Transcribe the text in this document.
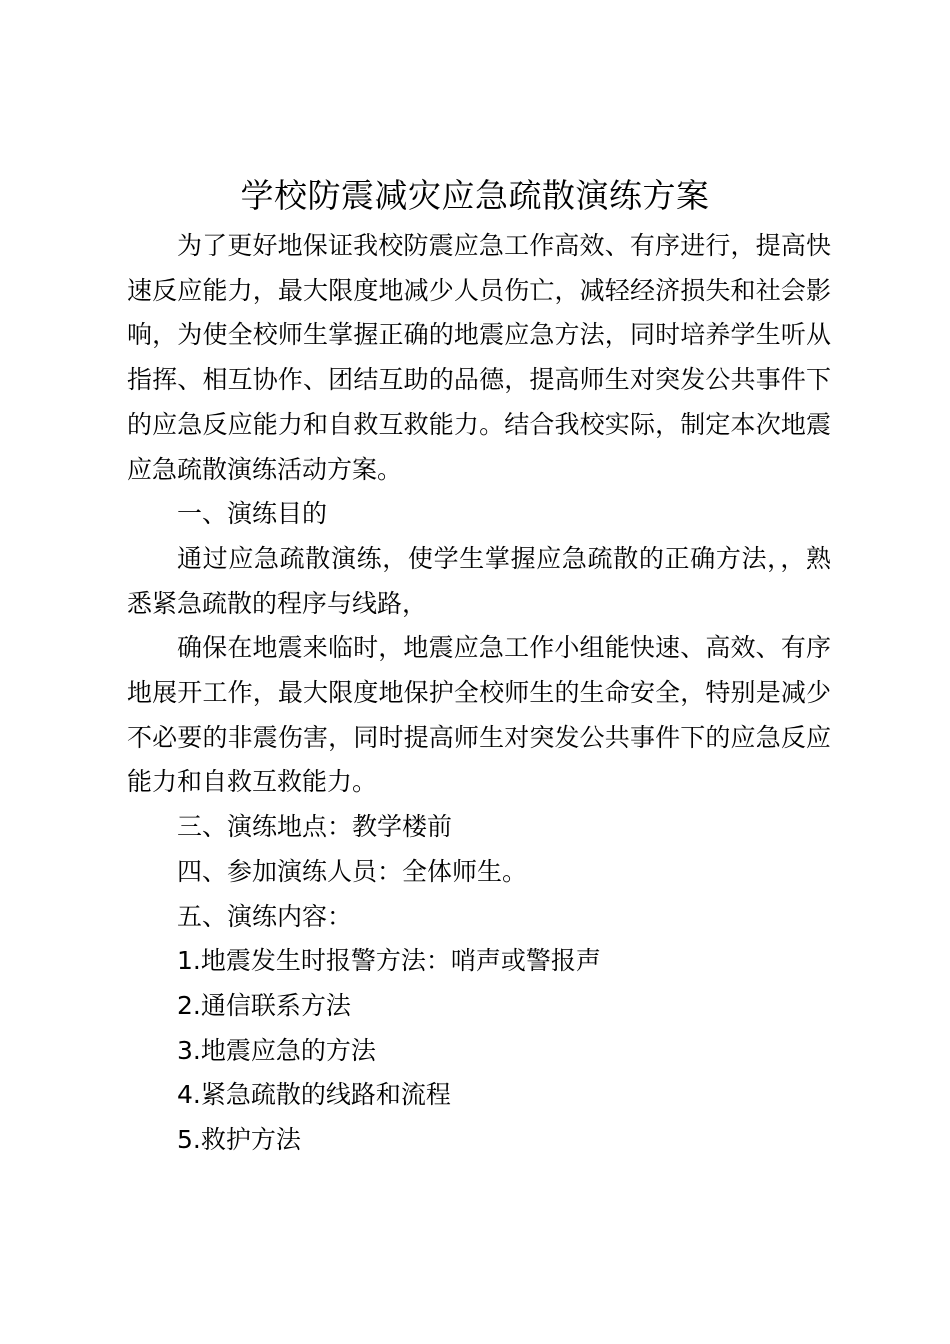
学校防震减灾应急疏散演练方案

为了更好地保证我校防震应急工作高效、有序进行，提高快速反应能力，最大限度地减少人员伤亡，减轻经济损失和社会影响，为使全校师生掌握正确的地震应急方法，同时培养学生听从指挥、相互协作、团结互助的品德，提高师生对突发公共事件下的应急反应能力和自救互救能力。结合我校实际，制定本次地震应急疏散演练活动方案。

一、演练目的

通过应急疏散演练，使学生掌握应急疏散的正确方法，，熟悉紧急疏散的程序与线路，

确保在地震来临时，地震应急工作小组能快速、高效、有序地展开工作，最大限度地保护全校师生的生命安全，特别是减少不必要的非震伤害，同时提高师生对突发公共事件下的应急反应能力和自救互救能力。

三、演练地点：教学楼前

四、参加演练人员：全体师生。

五、演练内容：

1.地震发生时报警方法：哨声或警报声

2.通信联系方法

3.地震应急的方法

4.紧急疏散的线路和流程

5.救护方法
